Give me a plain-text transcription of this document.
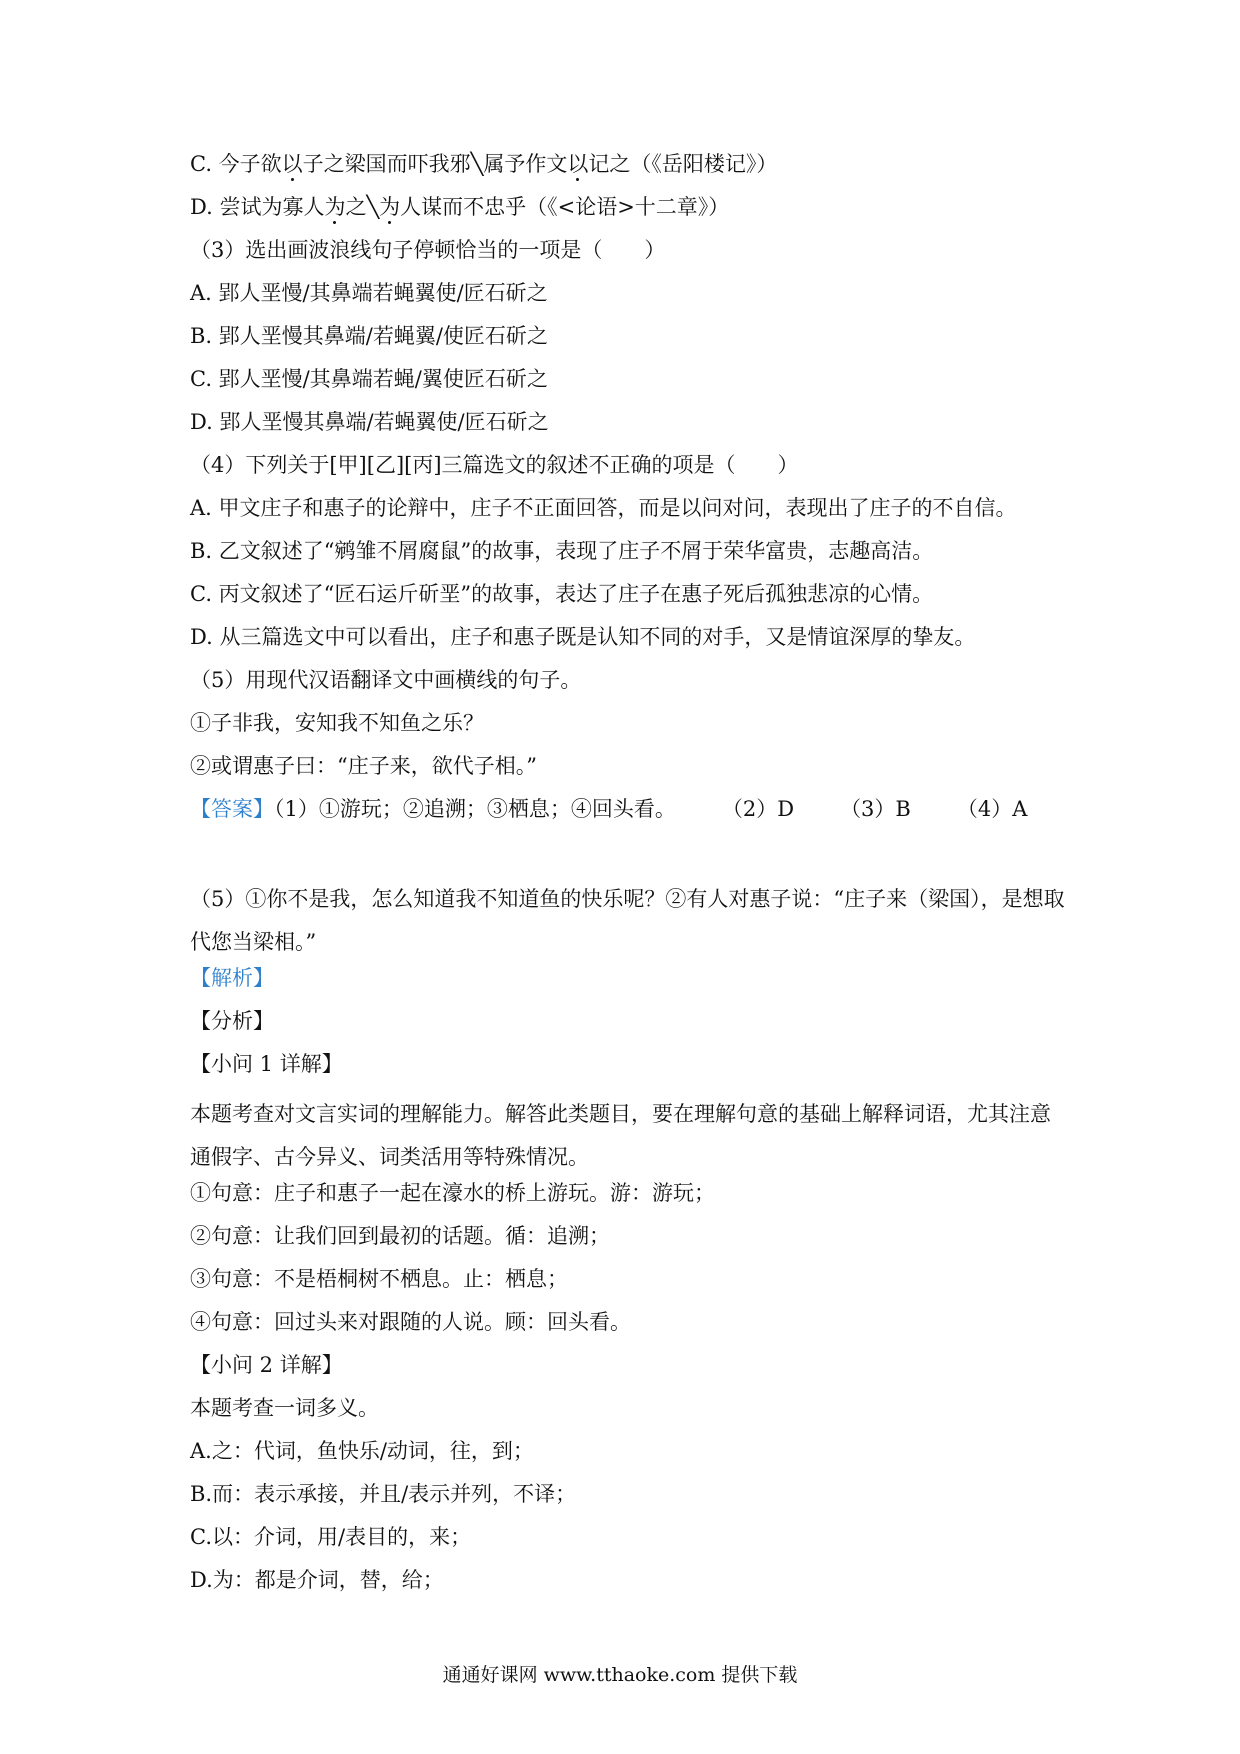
C. 今子欲以子之梁国而吓我邪╲属予作文以记之（《岳阳楼记》）
D. 尝试为寡人为之╲为人谋而不忠乎（《<论语>十二章》）
（3）选出画波浪线句子停顿恰当的一项是（　　）
A. 郢人垩慢/其鼻端若蝇翼使/匠石斫之
B. 郢人垩慢其鼻端/若蝇翼/使匠石斫之
C. 郢人垩慢/其鼻端若蝇/翼使匠石斫之
D. 郢人垩慢其鼻端/若蝇翼使/匠石斫之
（4）下列关于[甲][乙][丙]三篇选文的叙述不正确的项是（　　）
A. 甲文庄子和惠子的论辩中，庄子不正面回答，而是以问对问，表现出了庄子的不自信。
B. 乙文叙述了“鹓雏不屑腐鼠”的故事，表现了庄子不屑于荣华富贵，志趣高洁。
C. 丙文叙述了“匠石运斤斫垩”的故事，表达了庄子在惠子死后孤独悲凉的心情。
D. 从三篇选文中可以看出，庄子和惠子既是认知不同的对手，又是情谊深厚的挚友。
（5）用现代汉语翻译文中画横线的句子。
①子非我，安知我不知鱼之乐？
②或谓惠子曰：“庄子来，欲代子相。”
【答案】（1）①游玩；②追溯；③栖息；④回头看。 （2）D （3）B （4）A
（5）①你不是我，怎么知道我不知道鱼的快乐呢？②有人对惠子说：“庄子来（梁国），是想取代您当梁相。”
【解析】
【分析】
【小问 1 详解】
本题考查对文言实词的理解能力。解答此类题目，要在理解句意的基础上解释词语，尤其注意通假字、古今异义、词类活用等特殊情况。
①句意：庄子和惠子一起在濠水的桥上游玩。游：游玩；
②句意：让我们回到最初的话题。循：追溯；
③句意：不是梧桐树不栖息。止：栖息；
④句意：回过头来对跟随的人说。顾：回头看。
【小问 2 详解】
本题考查一词多义。
A.之：代词，鱼快乐/动词，往，到；
B.而：表示承接，并且/表示并列，不译；
C.以：介词，用/表目的，来；
D.为：都是介词，替，给；
通通好课网 www.tthaoke.com 提供下载
